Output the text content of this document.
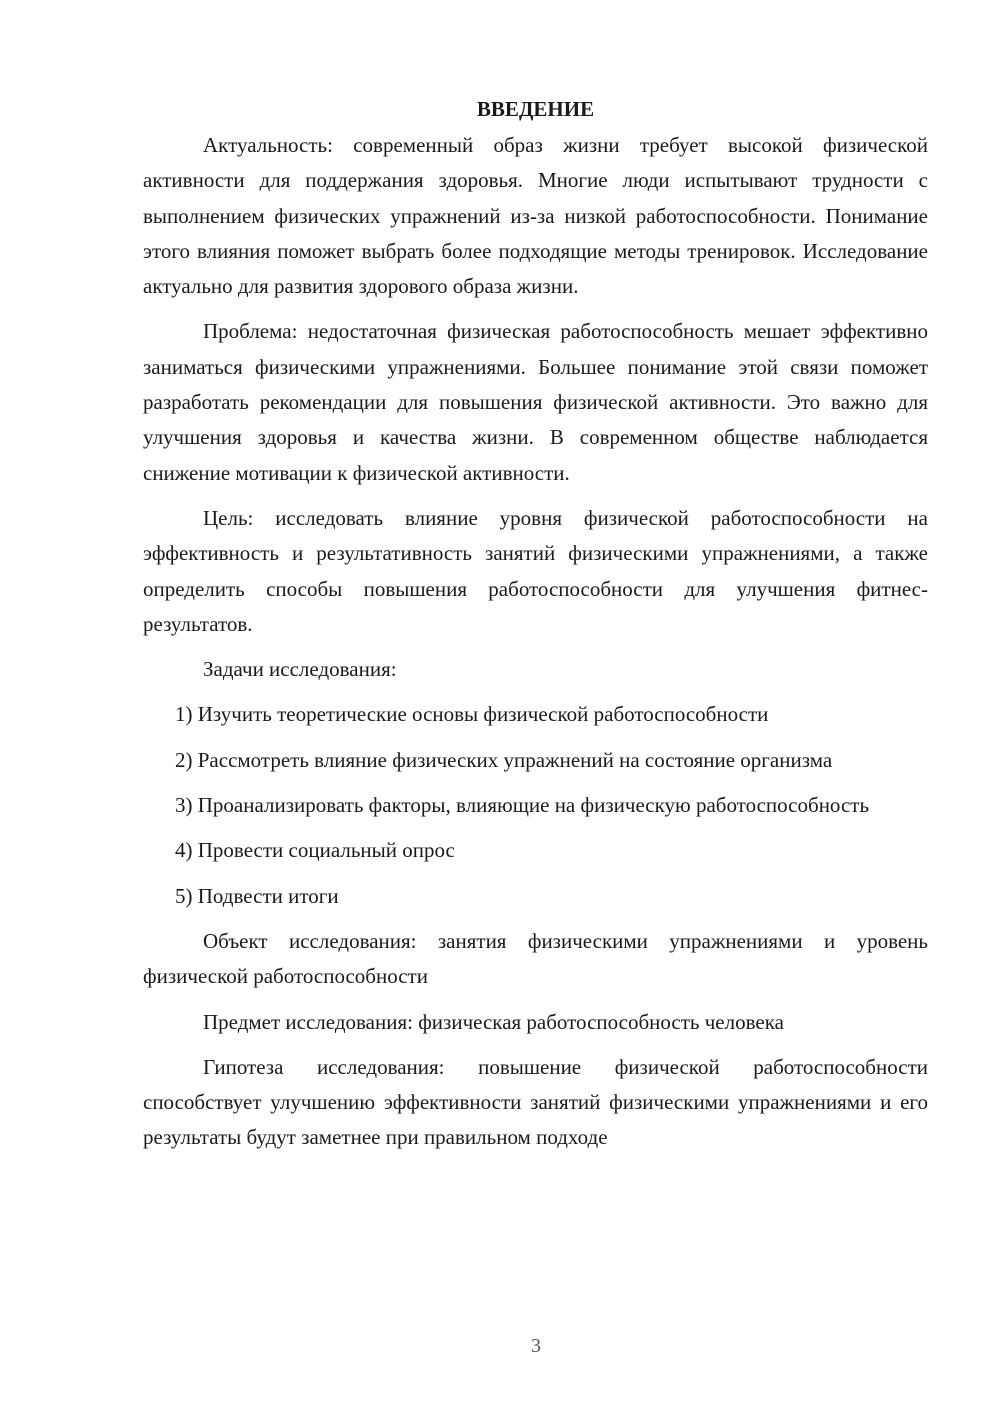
ВВЕДЕНИЕ

Актуальность: современный образ жизни требует высокой физической активности для поддержания здоровья. Многие люди испытывают трудности с выполнением физических упражнений из-за низкой работоспособности. Понимание этого влияния поможет выбрать более подходящие методы тренировок. Исследование актуально для развития здорового образа жизни.

Проблема: недостаточная физическая работоспособность мешает эффективно заниматься физическими упражнениями. Большее понимание этой связи поможет разработать рекомендации для повышения физической активности. Это важно для улучшения здоровья и качества жизни. В современном обществе наблюдается снижение мотивации к физической активности.

Цель: исследовать влияние уровня физической работоспособности на эффективность и результативность занятий физическими упражнениями, а также определить способы повышения работоспособности для улучшения фитнес-результатов.

Задачи исследования:

1) Изучить теоретические основы физической работоспособности

2) Рассмотреть влияние физических упражнений на состояние организма

3) Проанализировать факторы, влияющие на физическую работоспособность

4) Провести социальный опрос

5) Подвести итоги

Объект исследования: занятия физическими упражнениями и уровень физической работоспособности

Предмет исследования: физическая работоспособность человека

Гипотеза исследования: повышение физической работоспособности способствует улучшению эффективности занятий физическими упражнениями и его результаты будут заметнее при правильном подходе

3
